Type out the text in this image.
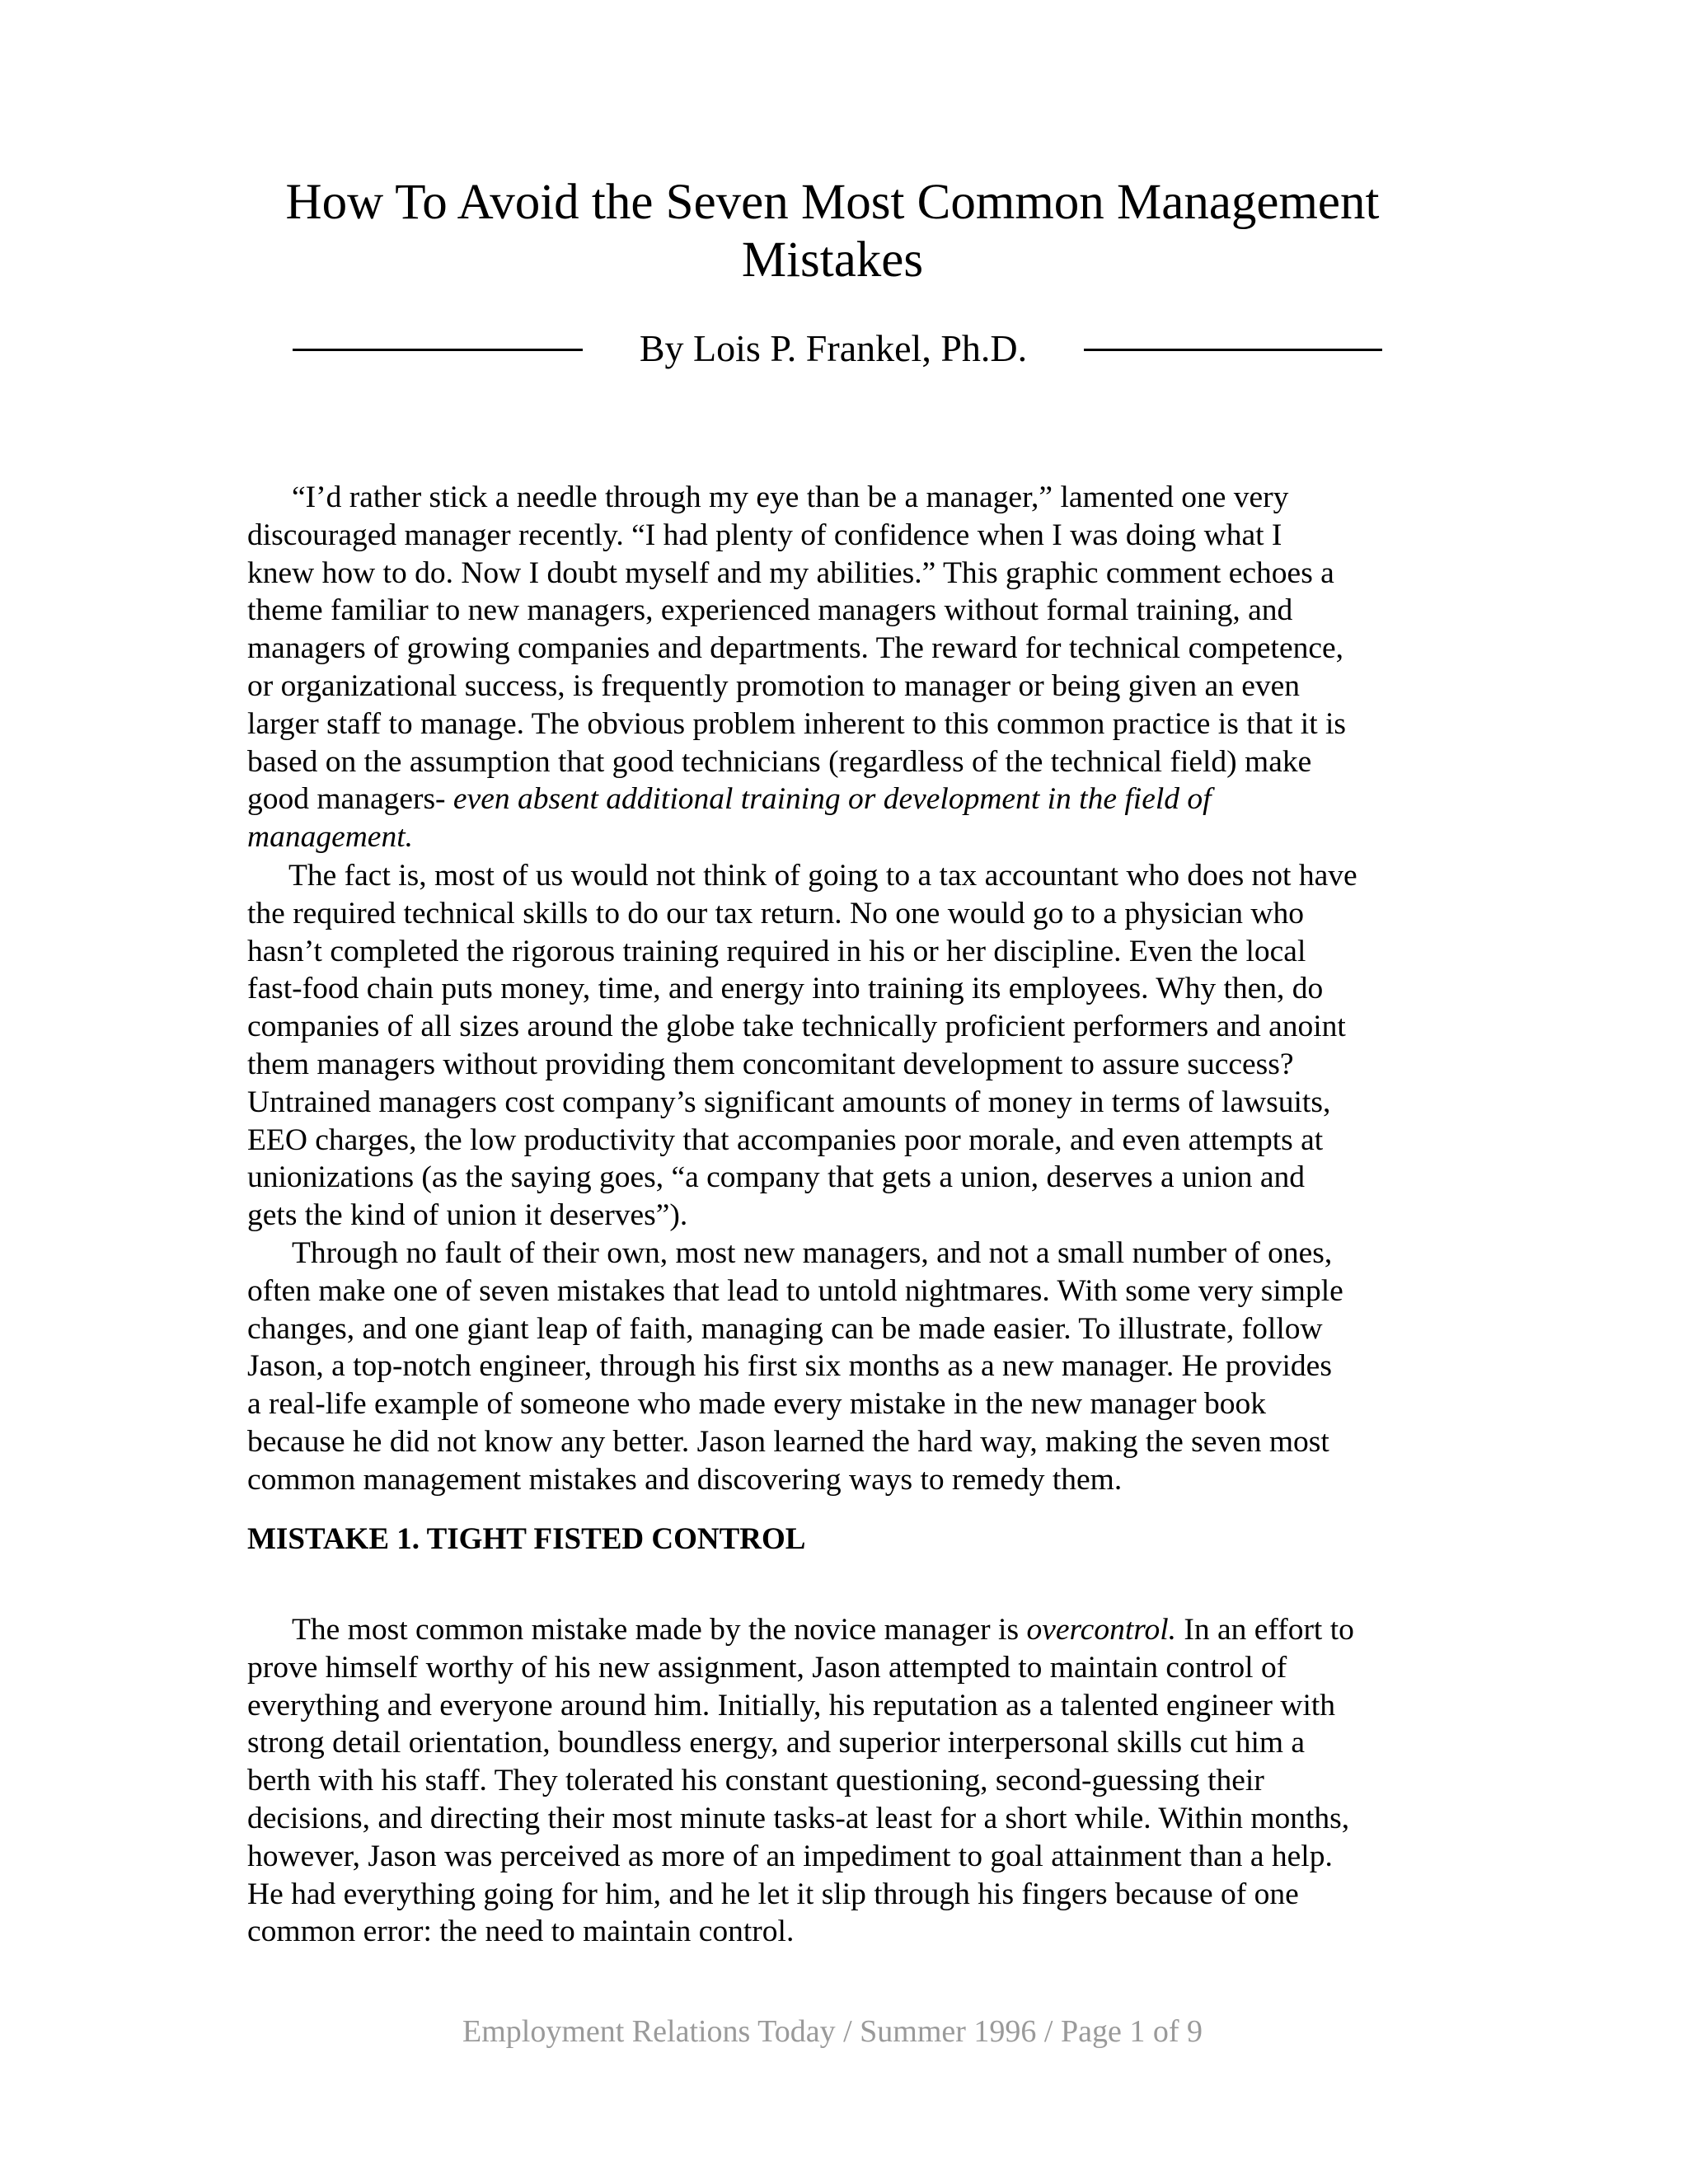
How To Avoid the Seven Most Common Management
Mistakes
By Lois P. Frankel, Ph.D.

“I’d rather stick a needle through my eye than be a manager,” lamented one very
discouraged manager recently. “I had plenty of confidence when I was doing what I
knew how to do. Now I doubt myself and my abilities.” This graphic comment echoes a
theme familiar to new managers, experienced managers without formal training, and
managers of growing companies and departments. The reward for technical competence,
or organizational success, is frequently promotion to manager or being given an even
larger staff to manage. The obvious problem inherent to this common practice is that it is
based on the assumption that good technicians (regardless of the technical field) make
good managers- even absent additional training or development in the field of
management.

The fact is, most of us would not think of going to a tax accountant who does not have
the required technical skills to do our tax return. No one would go to a physician who
hasn’t completed the rigorous training required in his or her discipline. Even the local
fast-food chain puts money, time, and energy into training its employees. Why then, do
companies of all sizes around the globe take technically proficient performers and anoint
them managers without providing them concomitant development to assure success?
Untrained managers cost company’s significant amounts of money in terms of lawsuits,
EEO charges, the low productivity that accompanies poor morale, and even attempts at
unionizations (as the saying goes, “a company that gets a union, deserves a union and
gets the kind of union it deserves”).

Through no fault of their own, most new managers, and not a small number of ones,
often make one of seven mistakes that lead to untold nightmares. With some very simple
changes, and one giant leap of faith, managing can be made easier. To illustrate, follow
Jason, a top-notch engineer, through his first six months as a new manager. He provides
a real-life example of someone who made every mistake in the new manager book
because he did not know any better. Jason learned the hard way, making the seven most
common management mistakes and discovering ways to remedy them.

MISTAKE 1. TIGHT FISTED CONTROL

The most common mistake made by the novice manager is overcontrol. In an effort to
prove himself worthy of his new assignment, Jason attempted to maintain control of
everything and everyone around him. Initially, his reputation as a talented engineer with
strong detail orientation, boundless energy, and superior interpersonal skills cut him a
berth with his staff. They tolerated his constant questioning, second-guessing their
decisions, and directing their most minute tasks-at least for a short while. Within months,
however, Jason was perceived as more of an impediment to goal attainment than a help.
He had everything going for him, and he let it slip through his fingers because of one
common error: the need to maintain control.

Employment Relations Today / Summer 1996 / Page 1 of 9
